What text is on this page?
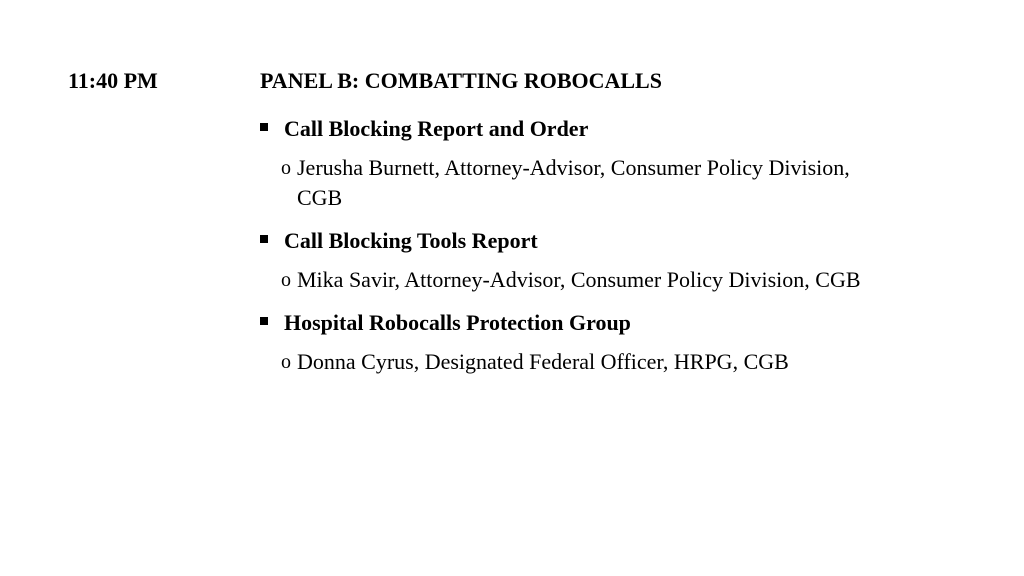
11:40 PM	PANEL B: COMBATTING ROBOCALLS
Call Blocking Report and Order
o Jerusha Burnett, Attorney-Advisor, Consumer Policy Division, CGB
Call Blocking Tools Report
o Mika Savir, Attorney-Advisor, Consumer Policy Division, CGB
Hospital Robocalls Protection Group
o Donna Cyrus, Designated Federal Officer, HRPG, CGB
